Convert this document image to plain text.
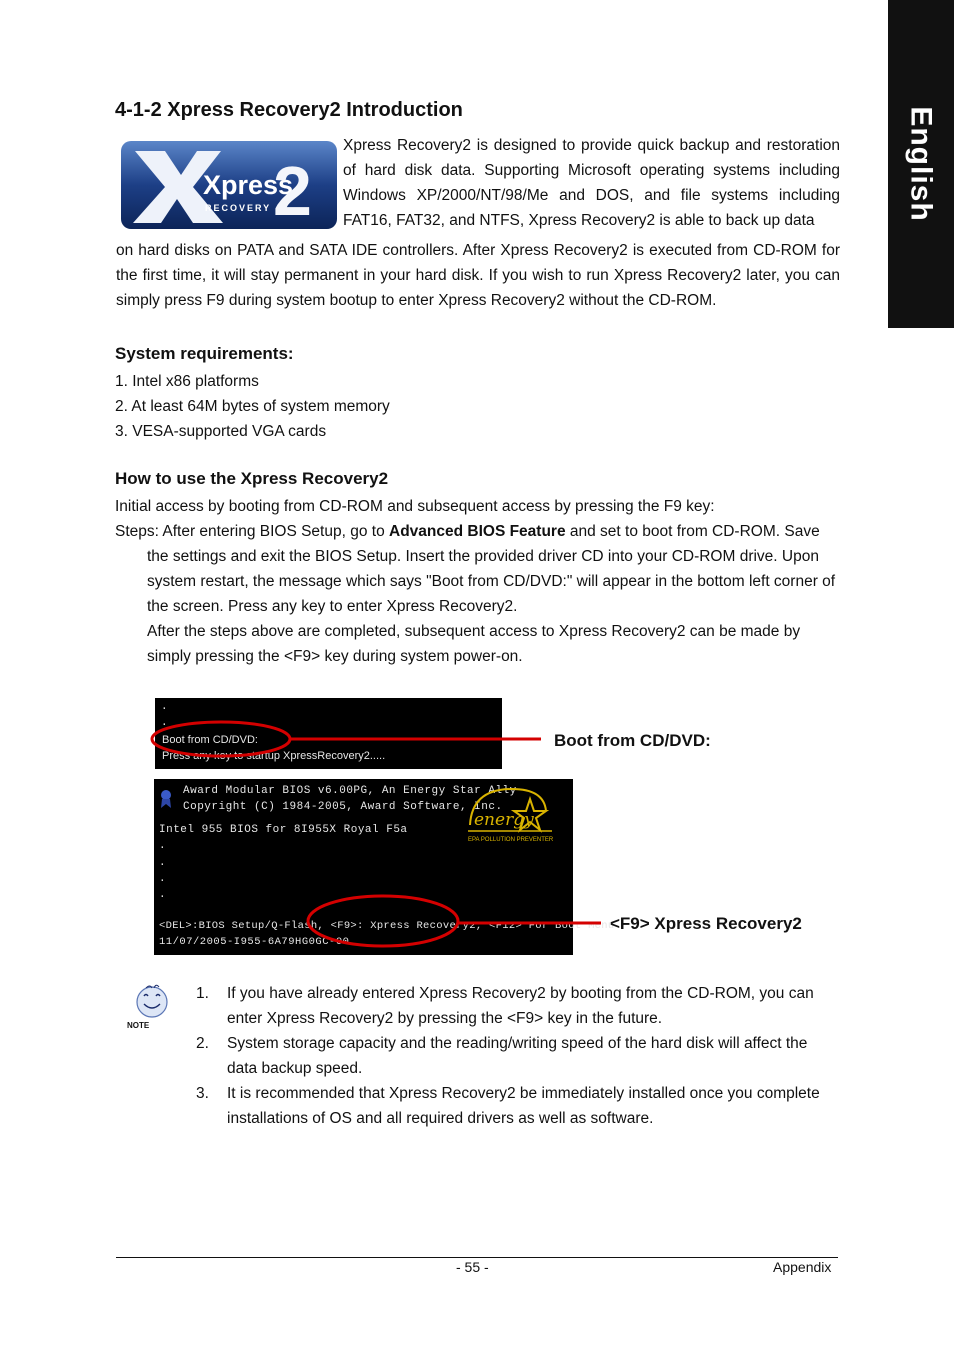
English
4-1-2 Xpress Recovery2 Introduction
Xpress
2
RECOVERY
Xpress Recovery2 is designed to provide quick backup and restoration of hard disk data. Supporting Microsoft operating systems including Windows XP/2000/NT/98/Me and DOS, and file systems including FAT16, FAT32, and NTFS, Xpress Recovery2 is able to back up data
on hard disks on PATA and SATA IDE controllers. After Xpress Recovery2 is executed from CD-ROM for the first time, it will stay permanent in your hard disk. If you wish to run Xpress Recovery2 later, you can simply press F9 during system bootup to enter Xpress Recovery2 without the CD-ROM.
System requirements:
1. Intel x86 platforms
2. At least 64M bytes of system memory
3. VESA-supported VGA cards
How to use the Xpress Recovery2
Initial access by booting from CD-ROM and subsequent access by pressing the F9 key:
Steps: After entering BIOS Setup, go to Advanced BIOS Feature and set to boot from CD-ROM. Save
the settings and exit the BIOS Setup. Insert the provided driver CD into your CD-ROM drive. Upon system restart, the message which says "Boot from CD/DVD:" will appear in the bottom left corner of the screen. Press any key to enter Xpress Recovery2.
After the steps above are completed, subsequent access to Xpress Recovery2 can be made by simply pressing the <F9> key during system power-on.
.
.
Boot from CD/DVD:
Press any key to startup XpressRecovery2.....
Award Modular BIOS v6.00PG, An Energy Star Ally
Copyright (C) 1984-2005, Award Software, Inc.
Intel 955 BIOS for 8I955X Royal F5a
.
.
.
.
<DEL>:BIOS Setup/Q-Flash, <F9>: Xpress Recovery2, <F12> For Boot Menu
11/07/2005-I955-6A79HG0GC-00
energy
EPA POLLUTION PREVENTER
Boot from CD/DVD:
<F9> Xpress Recovery2
NOTE
1. If you have already entered Xpress Recovery2 by booting from the CD-ROM, you can enter Xpress Recovery2 by pressing the <F9> key in the future.
2. System storage capacity and the reading/writing speed of the hard disk will affect the data backup speed.
3. It is recommended that Xpress Recovery2 be immediately installed once you complete installations of OS and all required drivers as well as software.
- 55 -	Appendix
